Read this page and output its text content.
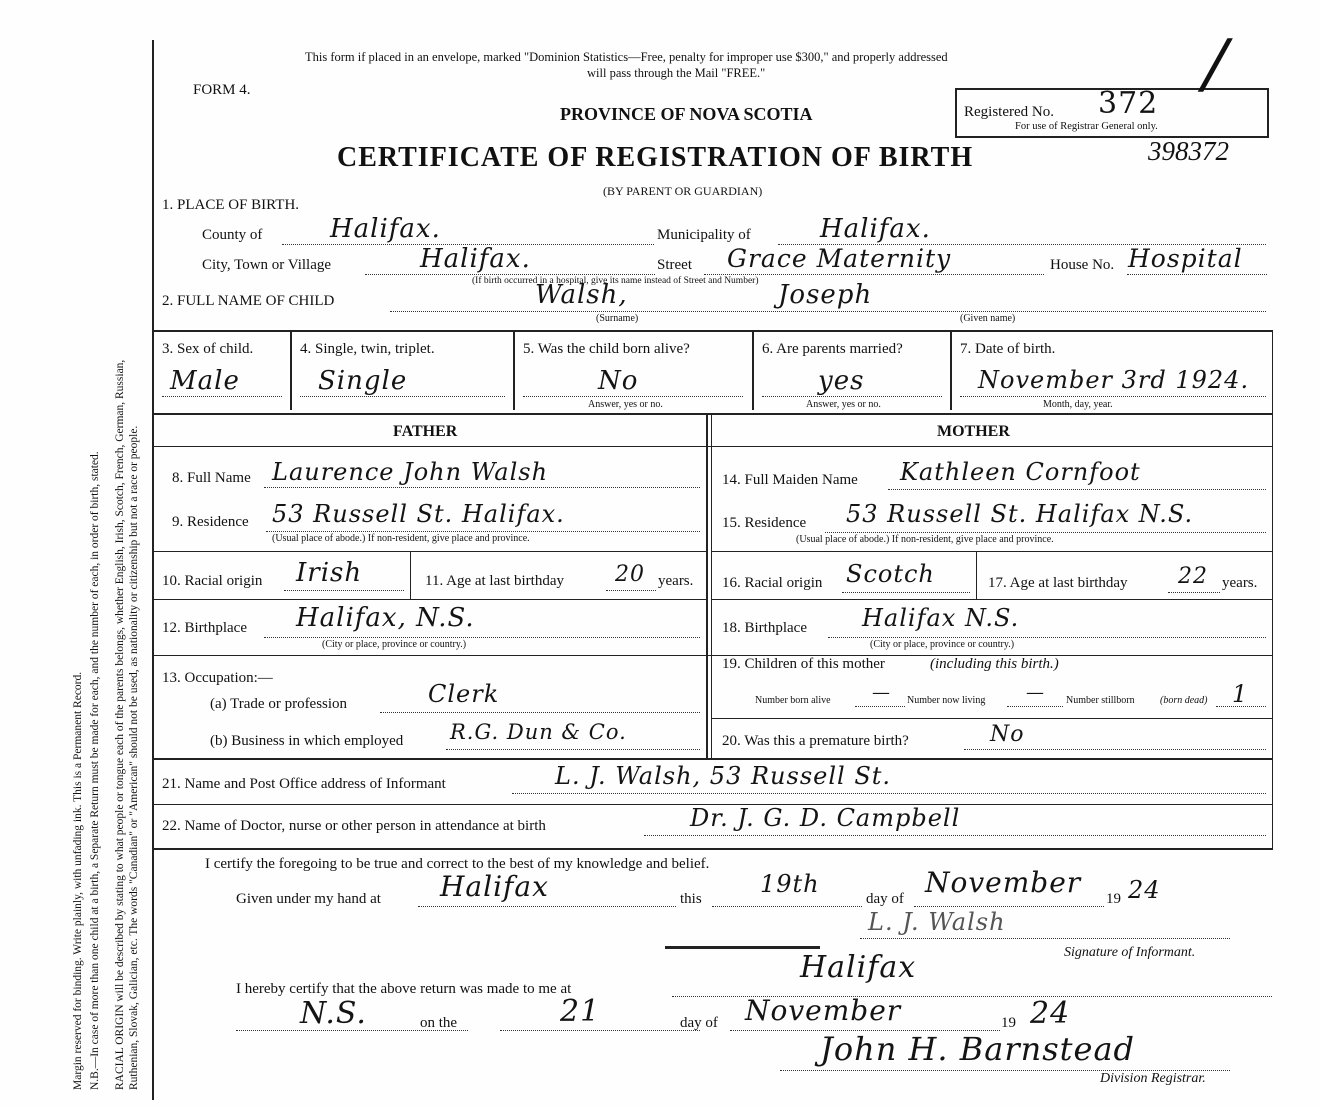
Margin reserved for binding. Write plainly, with unfading ink. This is a Permanent Record. N.B.—In case of more than one child at a birth, a Separate Return must be made for each, and the number of each, in order of birth, stated. RACIAL ORIGIN will be described by stating to what people or tongue each of the parents belongs, whether English, Irish, Scotch, French, German, Russian, Ruthenian, Slovak, Galician, etc. The words "Canadian" or "American" should not be used, as nationality or citizenship but not a race or people.
This form if placed in an envelope, marked "Dominion Statistics—Free, penalty for improper use $300," and properly addressed
will pass through the Mail "FREE."
FORM 4.
PROVINCE OF NOVA SCOTIA
CERTIFICATE OF REGISTRATION OF BIRTH
(BY PARENT OR GUARDIAN)
Registered No. 372
For use of Registrar General only.
398372
/
1. PLACE OF BIRTH.
County of	Halifax.	Municipality of	Halifax.
City, Town or Village	Halifax.	Street Grace Maternity	House No. Hospital
(If birth occurred in a hospital, give its name instead of Street and Number)
2. FULL NAME OF CHILD	Walsh,	Joseph
(Surname)	(Given name)
3. Sex of child.
Male
4. Single, twin, triplet.
Single
5. Was the child born alive?
No
Answer, yes or no.
6. Are parents married?
yes
Answer, yes or no.
7. Date of birth.
November 3rd 1924.
Month, day, year.
FATHER	MOTHER
8. Full Name Laurence John Walsh
9. Residence 53 Russell St. Halifax.
(Usual place of abode.) If non-resident, give place and province.
10. Racial origin Irish	11. Age at last birthday 20 years.
12. Birthplace Halifax, N.S.
(City or place, province or country.)
13. Occupation:—
(a) Trade or profession	Clerk
(b) Business in which employed R.G. Dun & Co.
14. Full Maiden Name Kathleen Cornfoot
15. Residence 53 Russell St. Halifax N.S.
(Usual place of abode.) If non-resident, give place and province.
16. Racial origin Scotch	17. Age at last birthday 22 years.
18. Birthplace Halifax N.S.
(City or place, province or country.)
19. Children of this mother	(including this birth.)
Number born alive — Number now living — Number stillborn	(born dead) 1
20. Was this a premature birth?	No
21. Name and Post Office address of Informant	L. J. Walsh, 53 Russell St.
22. Name of Doctor, nurse or other person in attendance at birth	Dr. J. G. D. Campbell
I certify the foregoing to be true and correct to the best of my knowledge and belief.
Given under my hand at Halifax	this
19th
day of November 19 24
L. J. Walsh
Signature of Informant.
I hereby certify that the above return was made to me at
Halifax
N.S.	on the	21	day of November	19 24
John H. Barnstead
Division Registrar.
